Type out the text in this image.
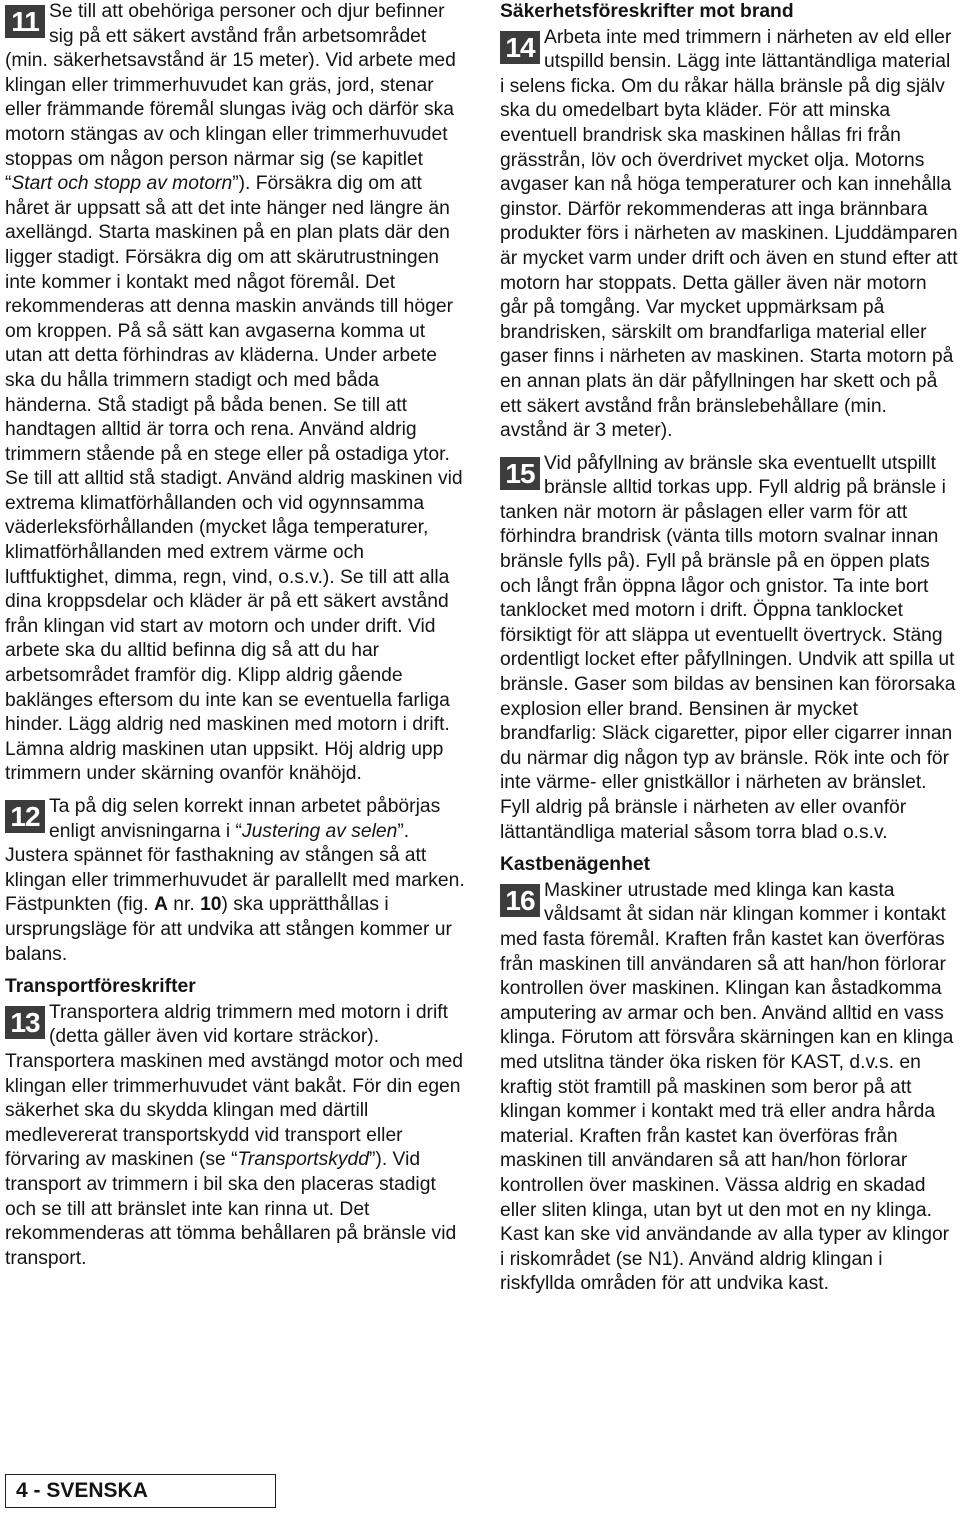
11 Se till att obehöriga personer och djur befinner sig på ett säkert avstånd från arbetsområdet (min. säkerhetsavstånd är 15 meter). Vid arbete med klingan eller trimmerhuvudet kan gräs, jord, stenar eller främmande föremål slungas iväg och därför ska motorn stängas av och klingan eller trimmerhuvudet stoppas om någon person närmar sig (se kapitlet “Start och stopp av motorn”). Försäkra dig om att håret är uppsatt så att det inte hänger ned längre än axellängd. Starta maskinen på en plan plats där den ligger stadigt. Försäkra dig om att skärutrustningen inte kommer i kontakt med något föremål. Det rekommenderas att denna maskin används till höger om kroppen. På så sätt kan avgaserna komma ut utan att detta förhindras av kläderna. Under arbete ska du hålla trimmern stadigt och med båda händerna. Stå stadigt på båda benen. Se till att handtagen alltid är torra och rena. Använd aldrig trimmern stående på en stege eller på ostadiga ytor. Se till att alltid stå stadigt. Använd aldrig maskinen vid extrema klimatförhållanden och vid ogynnsamma väderleksförhållanden (mycket låga temperaturer, klimatförhållanden med extrem värme och luftfuktighet, dimma, regn, vind, o.s.v.). Se till att alla dina kroppsdelar och kläder är på ett säkert avstånd från klingan vid start av motorn och under drift. Vid arbete ska du alltid befinna dig så att du har arbetsområdet framför dig. Klipp aldrig gående baklänges eftersom du inte kan se eventuella farliga hinder. Lägg aldrig ned maskinen med motorn i drift. Lämna aldrig maskinen utan uppsikt. Höj aldrig upp trimmern under skärning ovanför knähöjd.

12 Ta på dig selen korrekt innan arbetet påbörjas enligt anvisningarna i “Justering av selen”. Justera spännet för fasthakning av stången så att klingan eller trimmerhuvudet är parallellt med marken. Fästpunkten (fig. A nr. 10) ska upprätthållas i ursprungsläge för att undvika att stången kommer ur balans.

Transportföreskrifter

13 Transportera aldrig trimmern med motorn i drift (detta gäller även vid kortare sträckor). Transportera maskinen med avstängd motor och med klingan eller trimmerhuvudet vänt bakåt. För din egen säkerhet ska du skydda klingan med därtill medlevererat transportskydd vid transport eller förvaring av maskinen (se “Transportskydd”). Vid transport av trimmern i bil ska den placeras stadigt och se till att bränslet inte kan rinna ut. Det rekommenderas att tömma behållaren på bränsle vid transport.

Säkerhetsföreskrifter mot brand

14 Arbeta inte med trimmern i närheten av eld eller utspilld bensin. Lägg inte lättantändliga material i selens ficka. Om du råkar hälla bränsle på dig själv ska du omedelbart byta kläder. För att minska eventuell brandrisk ska maskinen hållas fri från grässtrån, löv och överdrivet mycket olja. Motorns avgaser kan nå höga temperaturer och kan innehålla ginstor. Därför rekommenderas att inga brännbara produkter förs i närheten av maskinen. Ljuddämparen är mycket varm under drift och även en stund efter att motorn har stoppats. Detta gäller även när motorn går på tomgång. Var mycket uppmärksam på brandrisken, särskilt om brandfarliga material eller gaser finns i närheten av maskinen. Starta motorn på en annan plats än där påfyllningen har skett och på ett säkert avstånd från bränslebehållare (min. avstånd är 3 meter).

15 Vid påfyllning av bränsle ska eventuellt utspillt bränsle alltid torkas upp. Fyll aldrig på bränsle i tanken när motorn är påslagen eller varm för att förhindra brandrisk (vänta tills motorn svalnar innan bränsle fylls på). Fyll på bränsle på en öppen plats och långt från öppna lågor och gnistor. Ta inte bort tanklocket med motorn i drift. Öppna tanklocket försiktigt för att släppa ut eventuellt övertryck. Stäng ordentligt locket efter påfyllningen. Undvik att spilla ut bränsle. Gaser som bildas av bensinen kan förorsaka explosion eller brand. Bensinen är mycket brandfarlig: Släck cigaretter, pipor eller cigarrer innan du närmar dig någon typ av bränsle. Rök inte och för inte värme- eller gnistkällor i närheten av bränslet. Fyll aldrig på bränsle i närheten av eller ovanför lättantändliga material såsom torra blad o.s.v.

Kastbenägenhet

16 Maskiner utrustade med klinga kan kasta våldsamt åt sidan när klingan kommer i kontakt med fasta föremål. Kraften från kastet kan överföras från maskinen till användaren så att han/hon förlorar kontrollen över maskinen. Klingan kan åstadkomma amputering av armar och ben. Använd alltid en vass klinga. Förutom att försvåra skärningen kan en klinga med utslitna tänder öka risken för KAST, d.v.s. en kraftig stöt framtill på maskinen som beror på att klingan kommer i kontakt med trä eller andra hårda material. Kraften från kastet kan överföras från maskinen till användaren så att han/hon förlorar kontrollen över maskinen. Vässa aldrig en skadad eller sliten klinga, utan byt ut den mot en ny klinga. Kast kan ske vid användande av alla typer av klingor i riskområdet (se N1). Använd aldrig klingan i riskfyllda områden för att undvika kast.

4 - SVENSKA
